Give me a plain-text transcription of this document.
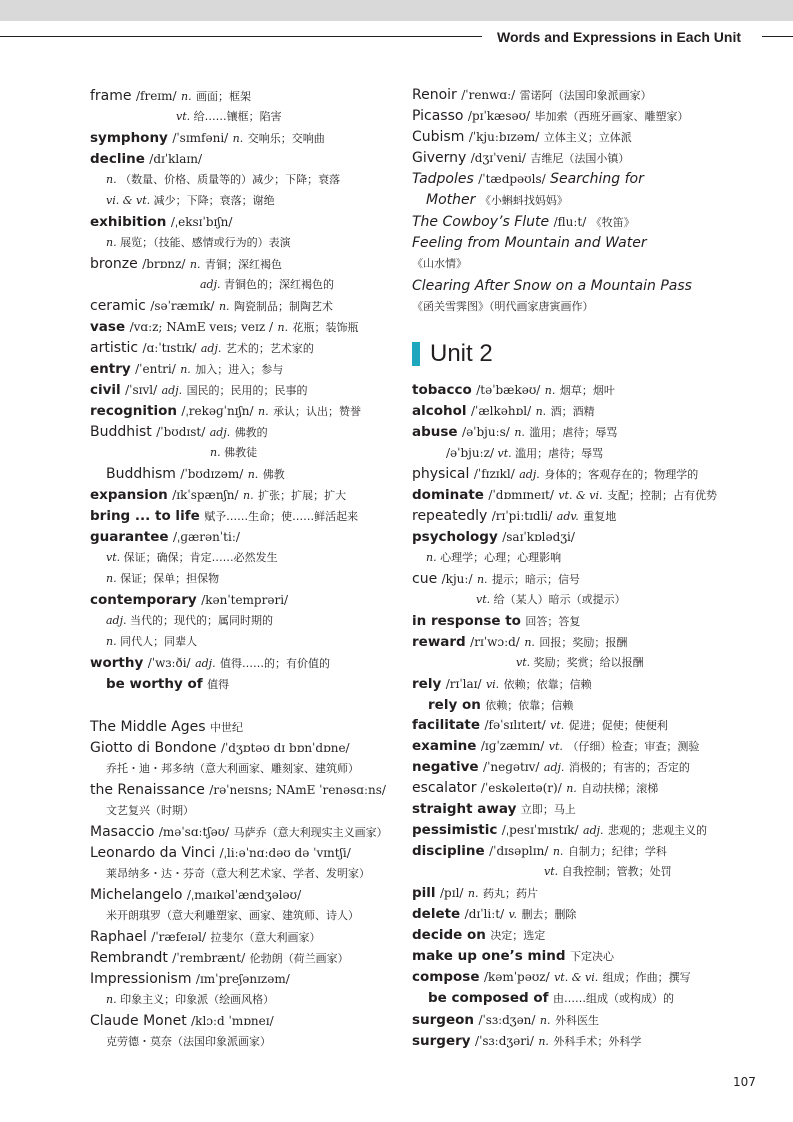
Words and Expressions in Each Unit
frame /freɪm/ n. 画面；框架
vt. 给……镶框；陷害
symphony /ˈsɪmfəni/ n. 交响乐；交响曲
decline /dɪˈklaɪn/
n. （数量、价格、质量等的）减少；下降；衰落
vi. & vt. 减少；下降；衰落；谢绝
exhibition /ˌeksɪˈbɪʃn/
n. 展览；（技能、感情或行为的）表演
bronze /brɒnz/ n. 青铜；深红褐色
adj. 青铜色的；深红褐色的
ceramic /səˈræmɪk/ n. 陶瓷制品；制陶艺术
vase /vɑːz; NAmE veɪs; veɪz / n. 花瓶；装饰瓶
artistic /ɑːˈtɪstɪk/ adj. 艺术的；艺术家的
entry /ˈentri/ n. 加入；进入；参与
civil /ˈsɪvl/ adj. 国民的；民用的；民事的
recognition /ˌrekəɡˈnɪʃn/ n. 承认；认出；赞誉
Buddhist /ˈbʊdɪst/ adj. 佛教的
n. 佛教徒
Buddhism /ˈbʊdɪzəm/ n. 佛教
expansion /ɪkˈspænʃn/ n. 扩张；扩展；扩大
bring ... to life 赋予……生命；使……鲜活起来
guarantee /ˌɡærənˈtiː/
vt. 保证；确保；肯定……必然发生
n. 保证；保单；担保物
contemporary /kənˈtemprəri/
adj. 当代的；现代的；属同时期的
n. 同代人；同辈人
worthy /ˈwɜːði/ adj. 值得……的；有价值的
be worthy of 值得
The Middle Ages 中世纪
Giotto di Bondone /ˈdʒɒtəʊ dɪ bɒnˈdɒne/
乔托・迪・邦多纳（意大利画家、雕刻家、建筑师）
the Renaissance /rəˈneɪsns; NAmE ˈrenəsɑːns/
文艺复兴（时期）
Masaccio /məˈsɑːtʃəʊ/ 马萨乔（意大利现实主义画家）
Leonardo da Vinci /ˌliːəˈnɑːdəʊ də ˈvɪntʃi/
莱昂纳多・达・芬奇（意大利艺术家、学者、发明家）
Michelangelo /ˌmaɪkəlˈændʒələʊ/
米开朗琪罗（意大利雕塑家、画家、建筑师、诗人）
Raphael /ˈræfeɪəl/ 拉斐尔（意大利画家）
Rembrandt /ˈrembrænt/ 伦勃朗（荷兰画家）
Impressionism /ɪmˈpreʃənɪzəm/
n. 印象主义；印象派（绘画风格）
Claude Monet /klɔːd ˈmɒneɪ/
克劳德・莫奈（法国印象派画家）
Renoir /ˈrenwɑː/ 雷诺阿（法国印象派画家）
Picasso /pɪˈkæsəʊ/ 毕加索（西班牙画家、雕塑家）
Cubism /ˈkjuːbɪzəm/ 立体主义；立体派
Giverny /dʒɪˈveni/ 吉维尼（法国小镇）
Tadpoles /ˈtædpəʊls/ Searching for
Mother 《小蝌蚪找妈妈》
The Cowboy’s Flute /fluːt/ 《牧笛》
Feeling from Mountain and Water
《山水情》
Clearing After Snow on a Mountain Pass
《函关雪霁图》（明代画家唐寅画作）
tobacco /təˈbækəʊ/ n. 烟草；烟叶
alcohol /ˈælkəhɒl/ n. 酒；酒精
abuse /əˈbjuːs/ n. 滥用；虐待；辱骂
/əˈbjuːz/ vt. 滥用；虐待；辱骂
physical /ˈfɪzɪkl/ adj. 身体的；客观存在的；物理学的
dominate /ˈdɒmɪneɪt/ vt. & vi. 支配；控制；占有优势
repeatedly /rɪˈpiːtɪdli/ adv. 重复地
psychology /saɪˈkɒlədʒi/
n. 心理学；心理；心理影响
cue /kjuː/ n. 提示；暗示；信号
vt. 给（某人）暗示（或提示）
in response to 回答；答复
reward /rɪˈwɔːd/ n. 回报；奖励；报酬
vt. 奖励；奖赏；给以报酬
rely /rɪˈlaɪ/ vi. 依赖；依靠；信赖
rely on 依赖；依靠；信赖
facilitate /fəˈsɪlɪteɪt/ vt. 促进；促使；使便利
examine /ɪɡˈzæmɪn/ vt. （仔细）检查；审查；测验
negative /ˈneɡətɪv/ adj. 消极的；有害的；否定的
escalator /ˈeskəleɪtə(r)/ n. 自动扶梯；滚梯
straight away 立即；马上
pessimistic /ˌpesɪˈmɪstɪk/ adj. 悲观的；悲观主义的
discipline /ˈdɪsəplɪn/ n. 自制力；纪律；学科
vt. 自我控制；管教；处罚
pill /pɪl/ n. 药丸；药片
delete /dɪˈliːt/ v. 删去；删除
decide on 决定；选定
make up one’s mind 下定决心
compose /kəmˈpəʊz/ vt. & vi. 组成；作曲；撰写
be composed of 由……组成（或构成）的
surgeon /ˈsɜːdʒən/ n. 外科医生
surgery /ˈsɜːdʒəri/ n. 外科手术；外科学
Unit 2
107
